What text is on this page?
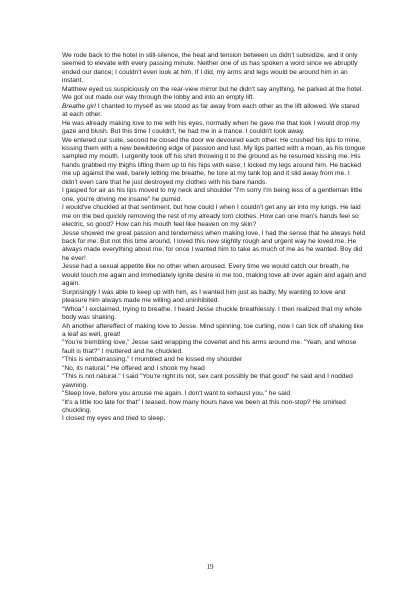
We rode back to the hotel in still-silence, the heat and tension between us didn't subsidize, and it only seemed to elevate with every passing minute. Neither one of us has spoken a word since we abruptly ended our dance; I couldn't even look at him. If I did, my arms and legs would be around him in an instant.

Matthew eyed us suspiciously on the rear-view mirror but he didn't say anything, he parked at the hotel. We got out made our way through the lobby and into an empty lift.

Breathe girl I chanted to myself as we stood as far away from each other as the lift allowed. We stared at each other.

He was already making love to me with his eyes, normally when he gave me that look I would drop my gaze and blush. But this time I couldn't, he had me in a trance. I couldn't look away.

We entered our suite, second he closed the door we devoured each other. He crushed his lips to mine, kissing them with a new bewildering edge of passion and lust. My lips parted with a moan, as his tongue sampled my mouth. I urgently took off his shirt throwing it to the ground as he resumed kissing me. His hands grabbed my thighs lifting them up to his hips with ease; I locked my legs around him. He backed me up against the wall, barely letting me breathe, he tore at my tank top and it slid away from me. I didn't even care that he just destroyed my clothes with his bare hands.

I gasped for air as his lips moved to my neck and shoulder "I'm sorry I'm being less of a gentleman little one, you're driving me insane" he purred.

I would've chuckled at that sentiment, but how could I when I couldn't get any air into my lungs. He laid me on the bed quickly removing the rest of my already torn clothes. How can one man's hands feel so electric, so good? How can his mouth feel like heaven on my skin?

Jesse showed me great passion and tenderness when making love, I had the sense that he always held back for me. But not this time around, I loved this new slightly rough and urgent way he loved me. He always made everything about me, for once I wanted him to take as much of me as he wanted. Boy did he ever!

Jesse had a sexual appetite like no other when aroused. Every time we would catch our breath, he would touch me again and immediately ignite desire in me too, making love all over again and again and again.

Surprisingly I was able to keep up with him, as I wanted him just as badly. My wanting to love and pleasure him always made me willing and uninhibited.

"Whoa" I exclaimed, trying to breathe. I heard Jesse chuckle breathlessly. I then realized that my whole body was shaking.

Ah another aftereffect of making love to Jesse. Mind spinning, toe curling, now I can tick off shaking like a leaf as well, great!

"You're trembling love," Jesse said wrapping the coverlet and his arms around me. "Yeah, and whose fault is that?" I muttered and he chuckled.

"This is embarrassing," I mumbled and he kissed my shoulder

"No, its natural." He offered and I shook my head

"This is not natural." I said "You're right its not, sex cant possibly be that good" he said and I nodded yawning.

"Sleep love, before you arouse me again. I don't want to exhaust you," he said

"It's a little too late for that" I teased, how many hours have we been at this non-stop? He smirked chuckling.

I closed my eyes and tried to sleep.

19
